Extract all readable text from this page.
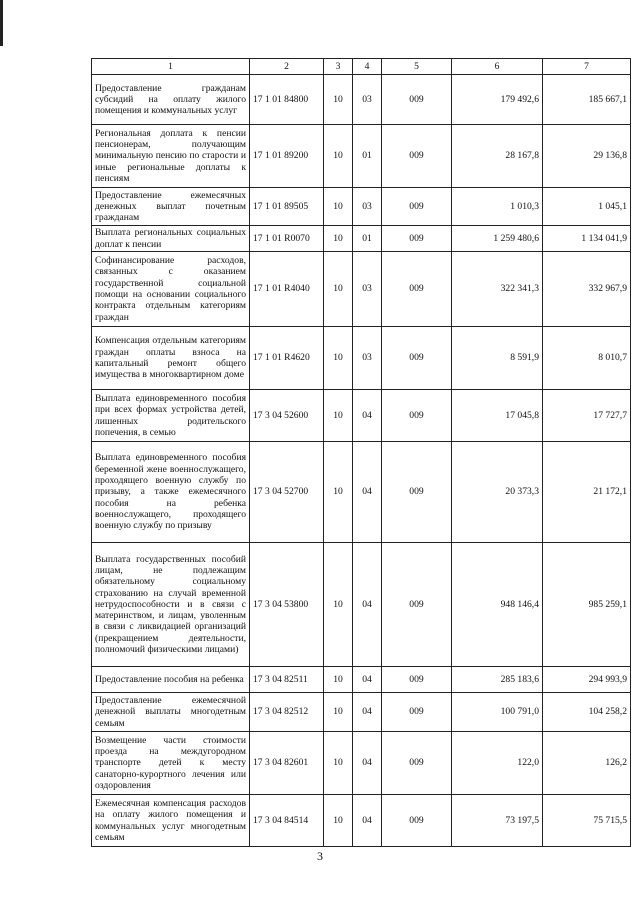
1	2	3	4	5	6	7
Предоставление гражданам субсидий на оплату жилого помещения и коммунальных услуг	17 1 01 84800	10	03	009	179 492,6	185 667,1
Региональная доплата к пенсии пенсионерам, получающим минимальную пенсию по старости и иные региональные доплаты к пенсиям	17 1 01 89200	10	01	009	28 167,8	29 136,8
Предоставление ежемесячных денежных выплат почетным гражданам	17 1 01 89505	10	03	009	1 010,3	1 045,1
Выплата региональных социальных доплат к пенсии	17 1 01 R0070	10	01	009	1 259 480,6	1 134 041,9
Софинансирование расходов, связанных с оказанием государственной социальной помощи на основании социального контракта отдельным категориям граждан	17 1 01 R4040	10	03	009	322 341,3	332 967,9
Компенсация отдельным категориям граждан оплаты взноса на капитальный ремонт общего имущества в многоквартирном доме	17 1 01 R4620	10	03	009	8 591,9	8 010,7
Выплата единовременного пособия при всех формах устройства детей, лишенных родительского попечения, в семью	17 3 04 52600	10	04	009	17 045,8	17 727,7
Выплата единовременного пособия беременной жене военнослужащего, проходящего военную службу по призыву, а также ежемесячного пособия на ребенка военнослужащего, проходящего военную службу по призыву	17 3 04 52700	10	04	009	20 373,3	21 172,1
Выплата государственных пособий лицам, не подлежащим обязательному социальному страхованию на случай временной нетрудоспособности и в связи с материнством, и лицам, уволенным в связи с ликвидацией организаций (прекращением деятельности, полномочий физическими лицами)	17 3 04 53800	10	04	009	948 146,4	985 259,1
Предоставление пособия на ребенка	17 3 04 82511	10	04	009	285 183,6	294 993,9
Предоставление ежемесячной денежной выплаты многодетным семьям	17 3 04 82512	10	04	009	100 791,0	104 258,2
Возмещение части стоимости проезда на междугородном транспорте детей к месту санаторно-курортного лечения или оздоровления	17 3 04 82601	10	04	009	122,0	126,2
Ежемесячная компенсация расходов на оплату жилого помещения и коммунальных услуг многодетным семьям	17 3 04 84514	10	04	009	73 197,5	75 715,5
3
